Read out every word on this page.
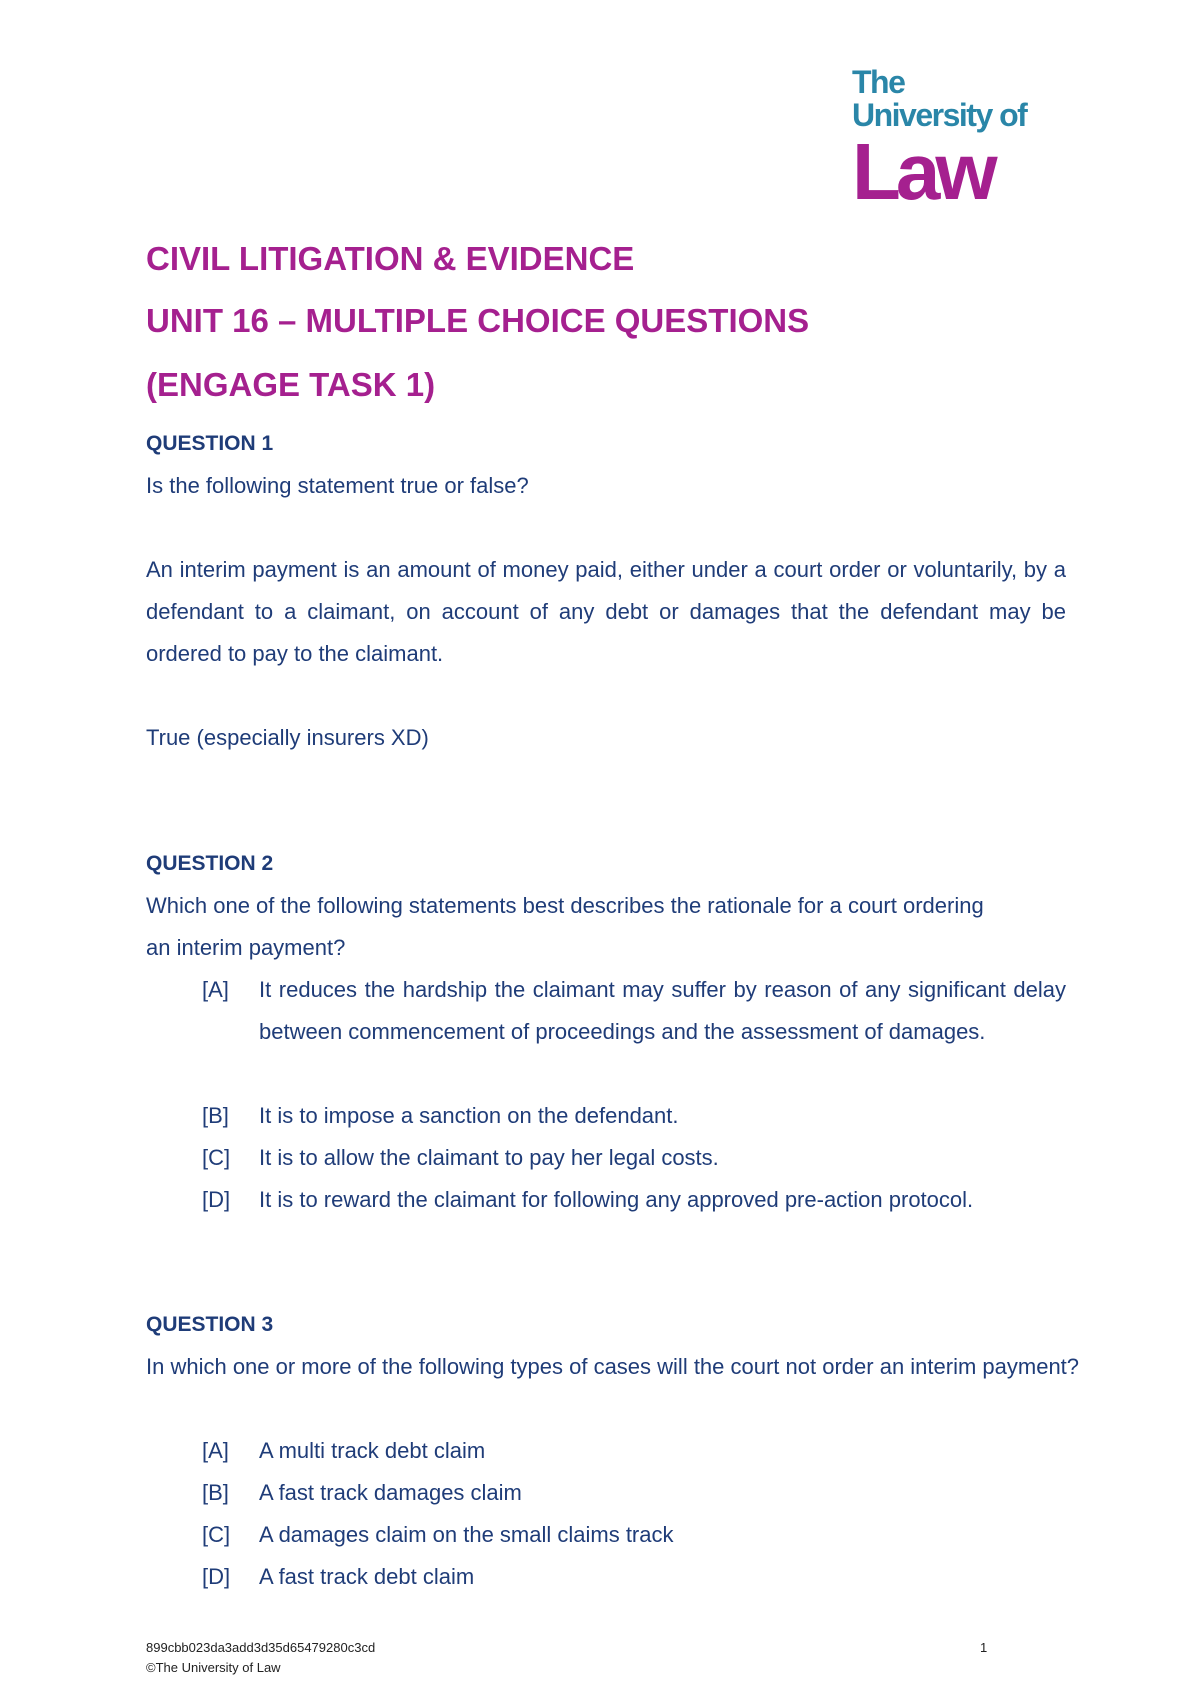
The
University of
Law
CIVIL LITIGATION & EVIDENCE
UNIT 16 – MULTIPLE CHOICE QUESTIONS
(ENGAGE TASK 1)
QUESTION 1

Is the following statement true or false?

An interim payment is an amount of money paid, either under a court order or voluntarily, by a defendant to a claimant, on account of any debt or damages that the defendant may be ordered to pay to the claimant.

True (especially insurers XD)

QUESTION 2

Which one of the following statements best describes the rationale for a court ordering an interim payment?

[A]	It reduces the hardship the claimant may suffer by reason of any significant delay between commencement of proceedings and the assessment of damages.
[B]	It is to impose a sanction on the defendant.
[C]	It is to allow the claimant to pay her legal costs.
[D]	It is to reward the claimant for following any approved pre-action protocol.
QUESTION 3

In which one or more of the following types of cases will the court not order an interim payment?

[A]	A multi track debt claim
[B]	A fast track damages claim
[C]	A damages claim on the small claims track
[D]	A fast track debt claim
899cbb023da3add3d35d65479280c3cd
©The University of Law
1
